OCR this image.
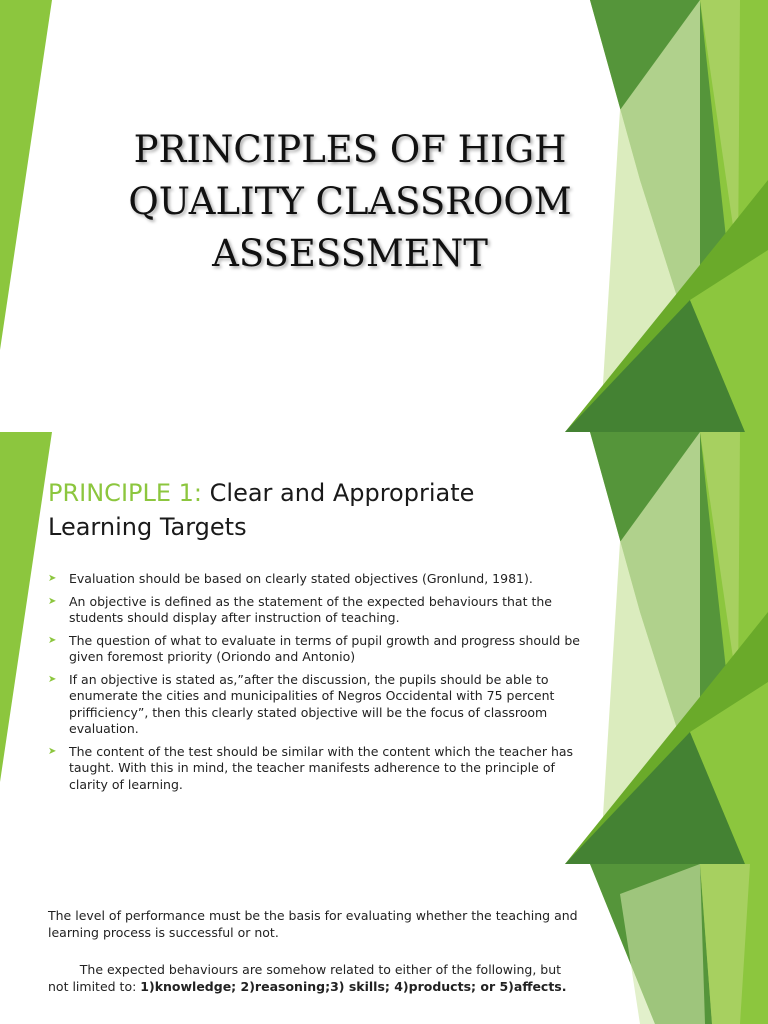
PRINCIPLES OF HIGH
QUALITY CLASSROOM
ASSESSMENT
PRINCIPLE 1: Clear and Appropriate Learning Targets
➤ Evaluation should be based on clearly stated objectives (Gronlund, 1981).
➤ An objective is defined as the statement of the expected behaviours that the students should display after instruction of teaching.
➤ The question of what to evaluate in terms of pupil growth and progress should be given foremost priority (Oriondo and Antonio)
➤ If an objective is stated as,”after the discussion, the pupils should be able to enumerate the cities and municipalities of Negros Occidental with 75 percent prifficiency”, then this clearly stated objective will be the focus of classroom evaluation.
➤ The content of the test should be similar with the content which the teacher has taught. With this in mind, the teacher manifests adherence to the principle of clarity of learning.

The level of performance must be the basis for evaluating whether the teaching and learning process is successful or not.

The expected behaviours are somehow related to either of the following, but not limited to: 1)knowledge; 2)reasoning;3) skills; 4)products; or 5)affects.
